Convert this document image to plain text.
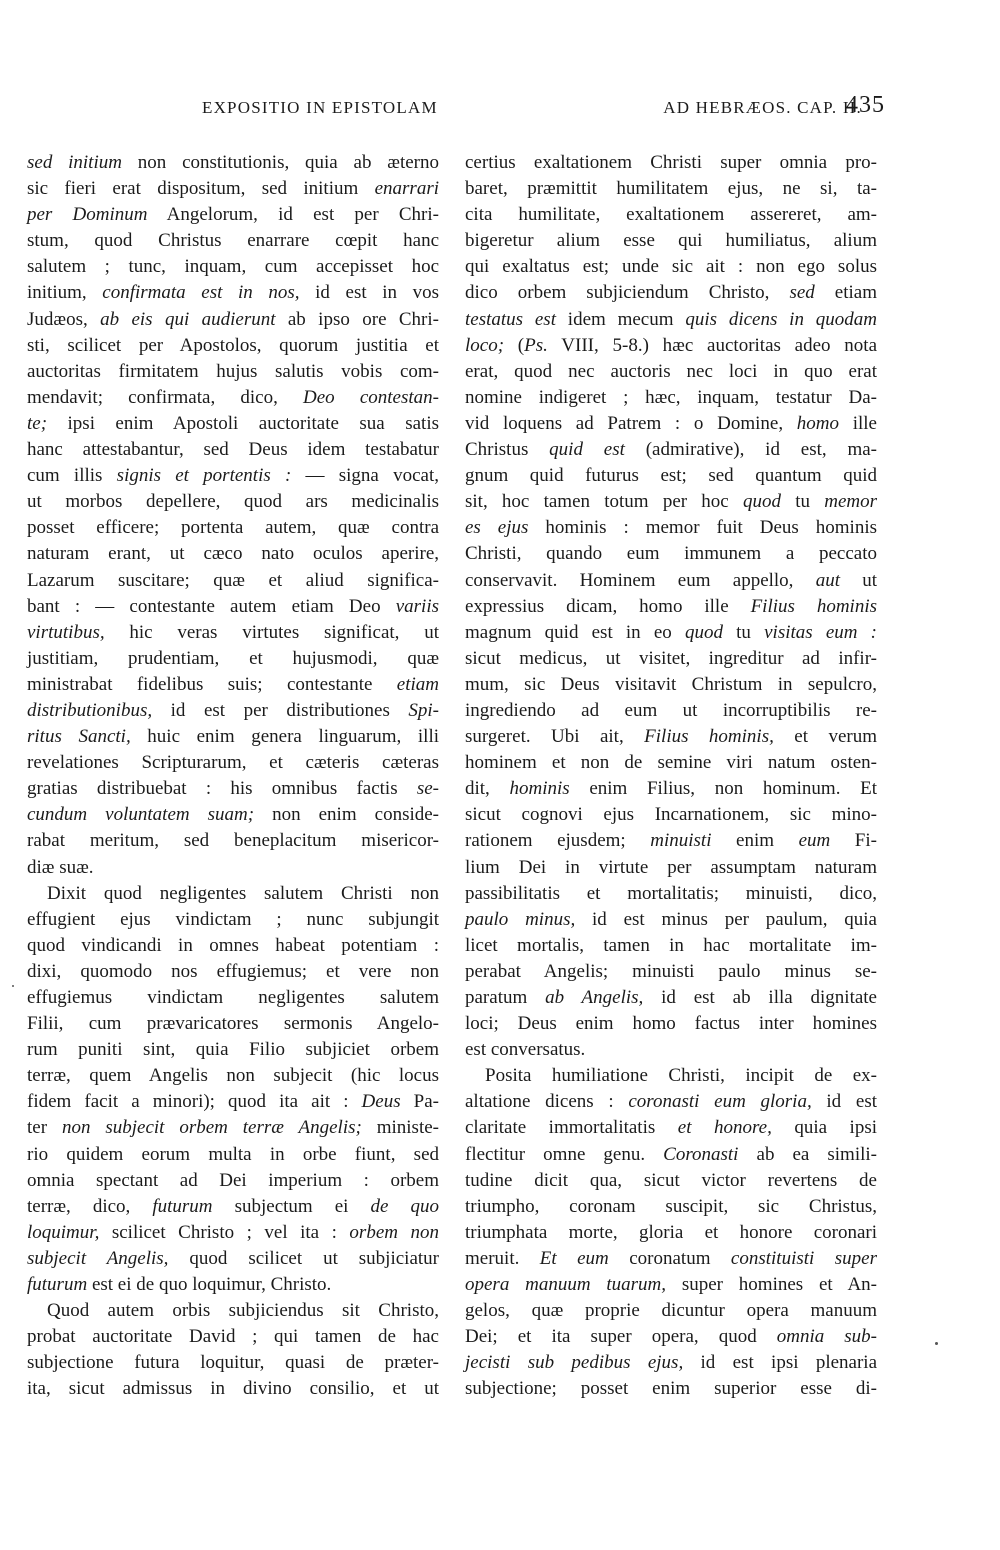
EXPOSITIO IN EPISTOLAM	AD HEBRÆOS. CAP. II.
435
sed initium non constitutionis, quia ab æterno
sic fieri erat dispositum, sed initium enarrari
per Dominum Angelorum, id est per Chri-
stum, quod Christus enarrare cœpit hanc
salutem ; tunc, inquam, cum accepisset hoc
initium, confirmata est in nos, id est in vos
Judæos, ab eis qui audierunt ab ipso ore Chri-
sti, scilicet per Apostolos, quorum justitia et
auctoritas firmitatem hujus salutis vobis com-
mendavit; confirmata, dico, Deo contestan-
te; ipsi enim Apostoli auctoritate sua satis
hanc attestabantur, sed Deus idem testabatur
cum illis signis et portentis : — signa vocat,
ut morbos depellere, quod ars medicinalis
posset efficere; portenta autem, quæ contra
naturam erant, ut cæco nato oculos aperire,
Lazarum suscitare; quæ et aliud significa-
bant : — contestante autem etiam Deo variis
virtutibus, hic veras virtutes significat, ut
justitiam, prudentiam, et hujusmodi, quæ
ministrabat fidelibus suis; contestante etiam
distributionibus, id est per distributiones Spi-
ritus Sancti, huic enim genera linguarum, illi
revelationes Scripturarum, et cæteris cæteras
gratias distribuebat : his omnibus factis se-
cundum voluntatem suam; non enim conside-
rabat meritum, sed beneplacitum misericor-
diæ suæ.
Dixit quod negligentes salutem Christi non
effugient ejus vindictam ; nunc subjungit
quod vindicandi in omnes habeat potentiam :
dixi, quomodo nos effugiemus; et vere non
effugiemus vindictam negligentes salutem
Filii, cum prævaricatores sermonis Angelo-
rum puniti sint, quia Filio subjiciet orbem
terræ, quem Angelis non subjecit (hic locus
fidem facit a minori); quod ita ait : Deus Pa-
ter non subjecit orbem terræ Angelis; ministe-
rio quidem eorum multa in orbe fiunt, sed
omnia spectant ad Dei imperium : orbem
terræ, dico, futurum subjectum ei de quo
loquimur, scilicet Christo ; vel ita : orbem non
subjecit Angelis, quod scilicet ut subjiciatur
futurum est ei de quo loquimur, Christo.
Quod autem orbis subjiciendus sit Christo,
probat auctoritate David ; qui tamen de hac
subjectione futura loquitur, quasi de præter-
ita, sicut admissus in divino consilio, et ut
certius exaltationem Christi super omnia pro-
baret, præmittit humilitatem ejus, ne si, ta-
cita humilitate, exaltationem assereret, am-
bigeretur alium esse qui humiliatus, alium
qui exaltatus est; unde sic ait : non ego solus
dico orbem subjiciendum Christo, sed etiam
testatus est idem mecum quis dicens in quodam
loco; (Ps. VIII, 5-8.) hæc auctoritas adeo nota
erat, quod nec auctoris nec loci in quo erat
nomine indigeret ; hæc, inquam, testatur Da-
vid loquens ad Patrem : o Domine, homo ille
Christus quid est (admirative), id est, ma-
gnum quid futurus est; sed quantum quid
sit, hoc tamen totum per hoc quod tu memor
es ejus hominis : memor fuit Deus hominis
Christi, quando eum immunem a peccato
conservavit. Hominem eum appello, aut ut
expressius dicam, homo ille Filius hominis
magnum quid est in eo quod tu visitas eum :
sicut medicus, ut visitet, ingreditur ad infir-
mum, sic Deus visitavit Christum in sepulcro,
ingrediendo ad eum ut incorruptibilis re-
surgeret. Ubi ait, Filius hominis, et verum
hominem et non de semine viri natum osten-
dit, hominis enim Filius, non hominum. Et
sicut cognovi ejus Incarnationem, sic mino-
rationem ejusdem; minuisti enim eum Fi-
lium Dei in virtute per assumptam naturam
passibilitatis et mortalitatis; minuisti, dico,
paulo minus, id est minus per paulum, quia
licet mortalis, tamen in hac mortalitate im-
perabat Angelis; minuisti paulo minus se-
paratum ab Angelis, id est ab illa dignitate
loci; Deus enim homo factus inter homines
est conversatus.
Posita humiliatione Christi, incipit de ex-
altatione dicens : coronasti eum gloria, id est
claritate immortalitatis et honore, quia ipsi
flectitur omne genu. Coronasti ab ea simili-
tudine dicit qua, sicut victor revertens de
triumpho, coronam suscipit, sic Christus,
triumphata morte, gloria et honore coronari
meruit. Et eum coronatum constituisti super
opera manuum tuarum, super homines et An-
gelos, quæ proprie dicuntur opera manuum
Dei; et ita super opera, quod omnia sub-
jecisti sub pedibus ejus, id est ipsi plenaria
subjectione; posset enim superior esse di-
